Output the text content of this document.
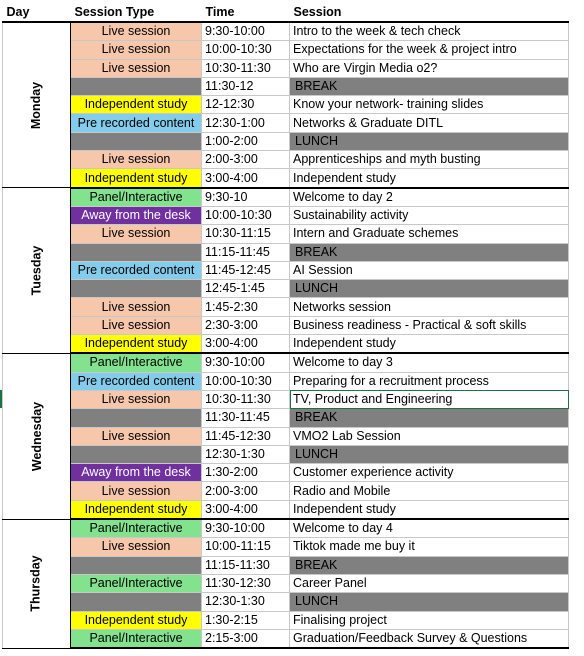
Day	Session Type	Time	Session
Monday	Live session	9:30-10:00	Intro to the week & tech check
	Live session	10:00-10:30	Expectations for the week & project intro
	Live session	10:30-11:30	Who are Virgin Media o2?
		11:30-12	BREAK
	Independent study	12-12:30	Know your network- training slides
	Pre recorded content	12:30-1:00	Networks & Graduate DITL
		1:00-2:00	LUNCH
	Live session	2:00-3:00	Apprenticeships and myth busting
	Independent study	3:00-4:00	Independent study
Tuesday	Panel/Interactive	9:30-10	Welcome to day 2
	Away from the desk	10:00-10:30	Sustainability activity
	Live session	10:30-11:15	Intern and Graduate schemes
		11:15-11:45	BREAK
	Pre recorded content	11:45-12:45	AI Session
		12:45-1:45	LUNCH
	Live session	1:45-2:30	Networks session
	Live session	2:30-3:00	Business readiness - Practical & soft skills
	Independent study	3:00-4:00	Independent study
Wednesday	Panel/Interactive	9:30-10:00	Welcome to day 3
	Pre recorded content	10:00-10:30	Preparing for a recruitment process
	Live session	10:30-11:30	TV, Product and Engineering
		11:30-11:45	BREAK
	Live session	11:45-12:30	VMO2 Lab Session
		12:30-1:30	LUNCH
	Away from the desk	1:30-2:00	Customer experience activity
	Live session	2:00-3:00	Radio and Mobile
	Independent study	3:00-4:00	Independent study
Thursday	Panel/Interactive	9:30-10:00	Welcome to day 4
	Live session	10:00-11:15	Tiktok made me buy it
		11:15-11:30	BREAK
	Panel/Interactive	11:30-12:30	Career Panel
		12:30-1:30	LUNCH
	Independent study	1:30-2:15	Finalising project
	Panel/Interactive	2:15-3:00	Graduation/Feedback Survey & Questions
